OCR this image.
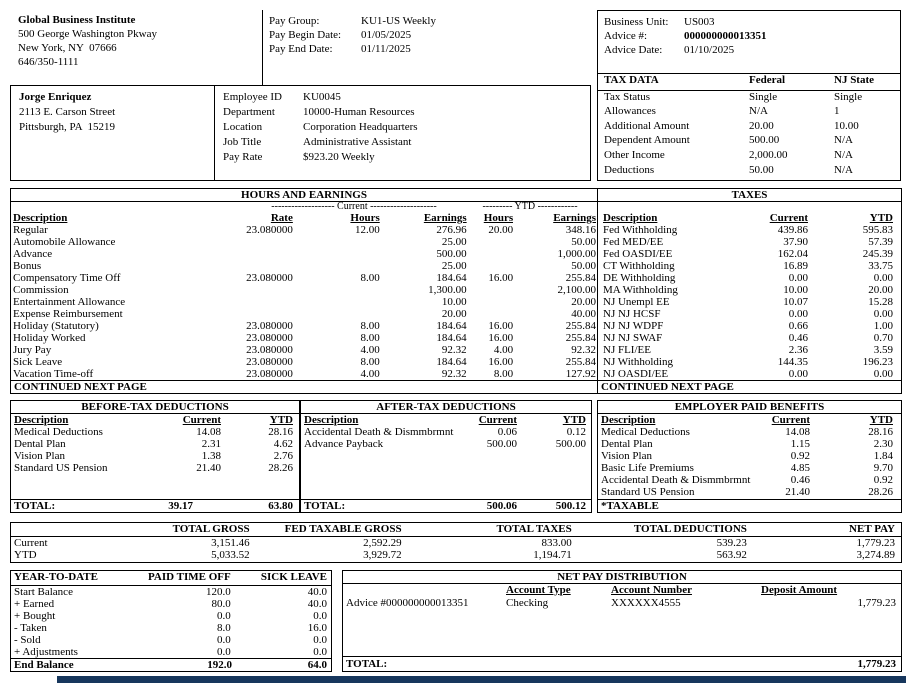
Global Business Institute
500 George Washington Pkway
New York, NY  07666
646/350-1111
Pay Group:	KU1-US Weekly
Pay Begin Date: 01/05/2025
Pay End Date:	01/11/2025
Business Unit: US003
Advice #:	000000000013351
Advice Date: 01/10/2025
Jorge Enriquez
2113 E. Carson Street
Pittsburgh, PA  15219
Employee ID KU0045
Department	10000-Human Resources
Location	Corporation Headquarters
Job Title	Administrative Assistant
Pay Rate	$923.20 Weekly
TAX DATA	Federal	NJ State
Tax Status	Single	Single
Allowances	N/A	1
Additional Amount	20.00	10.00
Dependent Amount	500.00	N/A
Other Income	2,000.00	N/A
Deductions	50.00	N/A
HOURS AND EARNINGS
------------------- Current --------------------	--------- YTD ------------
Description	Rate	Hours	Earnings	Hours	Earnings
Regular	23.080000	12.00	276.96	20.00	348.16
Automobile Allowance			25.00		50.00
Advance			500.00		1,000.00
Bonus			25.00		50.00
Compensatory Time Off	23.080000	8.00	184.64	16.00	255.84
Commission			1,300.00		2,100.00
Entertainment Allowance			10.00		20.00
Expense Reimbursement			20.00		40.00
Holiday (Statutory)	23.080000	8.00	184.64	16.00	255.84
Holiday Worked	23.080000	8.00	184.64	16.00	255.84
Jury Pay	23.080000	4.00	92.32	4.00	92.32
Sick Leave	23.080000	8.00	184.64	16.00	255.84
Vacation Time-off	23.080000	4.00	92.32	8.00	127.92
CONTINUED NEXT PAGE
TAXES
Description	Current	YTD
Fed Withholding	439.86	595.83
Fed MED/EE	37.90	57.39
Fed OASDI/EE	162.04	245.39
CT Withholding	16.89	33.75
DE Withholding	0.00	0.00
MA Withholding	10.00	20.00
NJ Unempl EE	10.07	15.28
NJ NJ HCSF	0.00	0.00
NJ NJ WDPF	0.66	1.00
NJ NJ SWAF	0.46	0.70
NJ FLI/EE	2.36	3.59
NJ Withholding	144.35	196.23
NJ OASDI/EE	0.00	0.00
CONTINUED NEXT PAGE
BEFORE-TAX DEDUCTIONS
Description	Current	YTD
Medical Deductions	14.08	28.16
Dental Plan	2.31	4.62
Vision Plan	1.38	2.76
Standard US Pension	21.40	28.26
TOTAL:	39.17	63.80
AFTER-TAX DEDUCTIONS
Description	Current	YTD
Accidental Death & Dismmbrmnt	0.06	0.12
Advance Payback	500.00	500.00
TOTAL:	500.06	500.12
EMPLOYER PAID BENEFITS
Description	Current	YTD
Medical Deductions	14.08	28.16
Dental Plan	1.15	2.30
Vision Plan	0.92	1.84
Basic Life Premiums	4.85	9.70
Accidental Death & Dismmbrmnt	0.46	0.92
Standard US Pension	21.40	28.26
*TAXABLE
	TOTAL GROSS	FED TAXABLE GROSS	TOTAL TAXES	TOTAL DEDUCTIONS	NET PAY
Current	3,151.46	2,592.29	833.00	539.23	1,779.23
YTD	5,033.52	3,929.72	1,194.71	563.92	3,274.89
YEAR-TO-DATE	PAID TIME OFF	SICK LEAVE
Start Balance	120.0	40.0
+ Earned	80.0	40.0
+ Bought	0.0	0.0
- Taken	8.0	16.0
- Sold	0.0	0.0
+ Adjustments	0.0	0.0
End Balance	192.0	64.0
NET PAY DISTRIBUTION
	Account Type	Account Number	Deposit Amount
Advice #000000000013351	Checking	XXXXXX4555	1,779.23
TOTAL:	1,779.23
